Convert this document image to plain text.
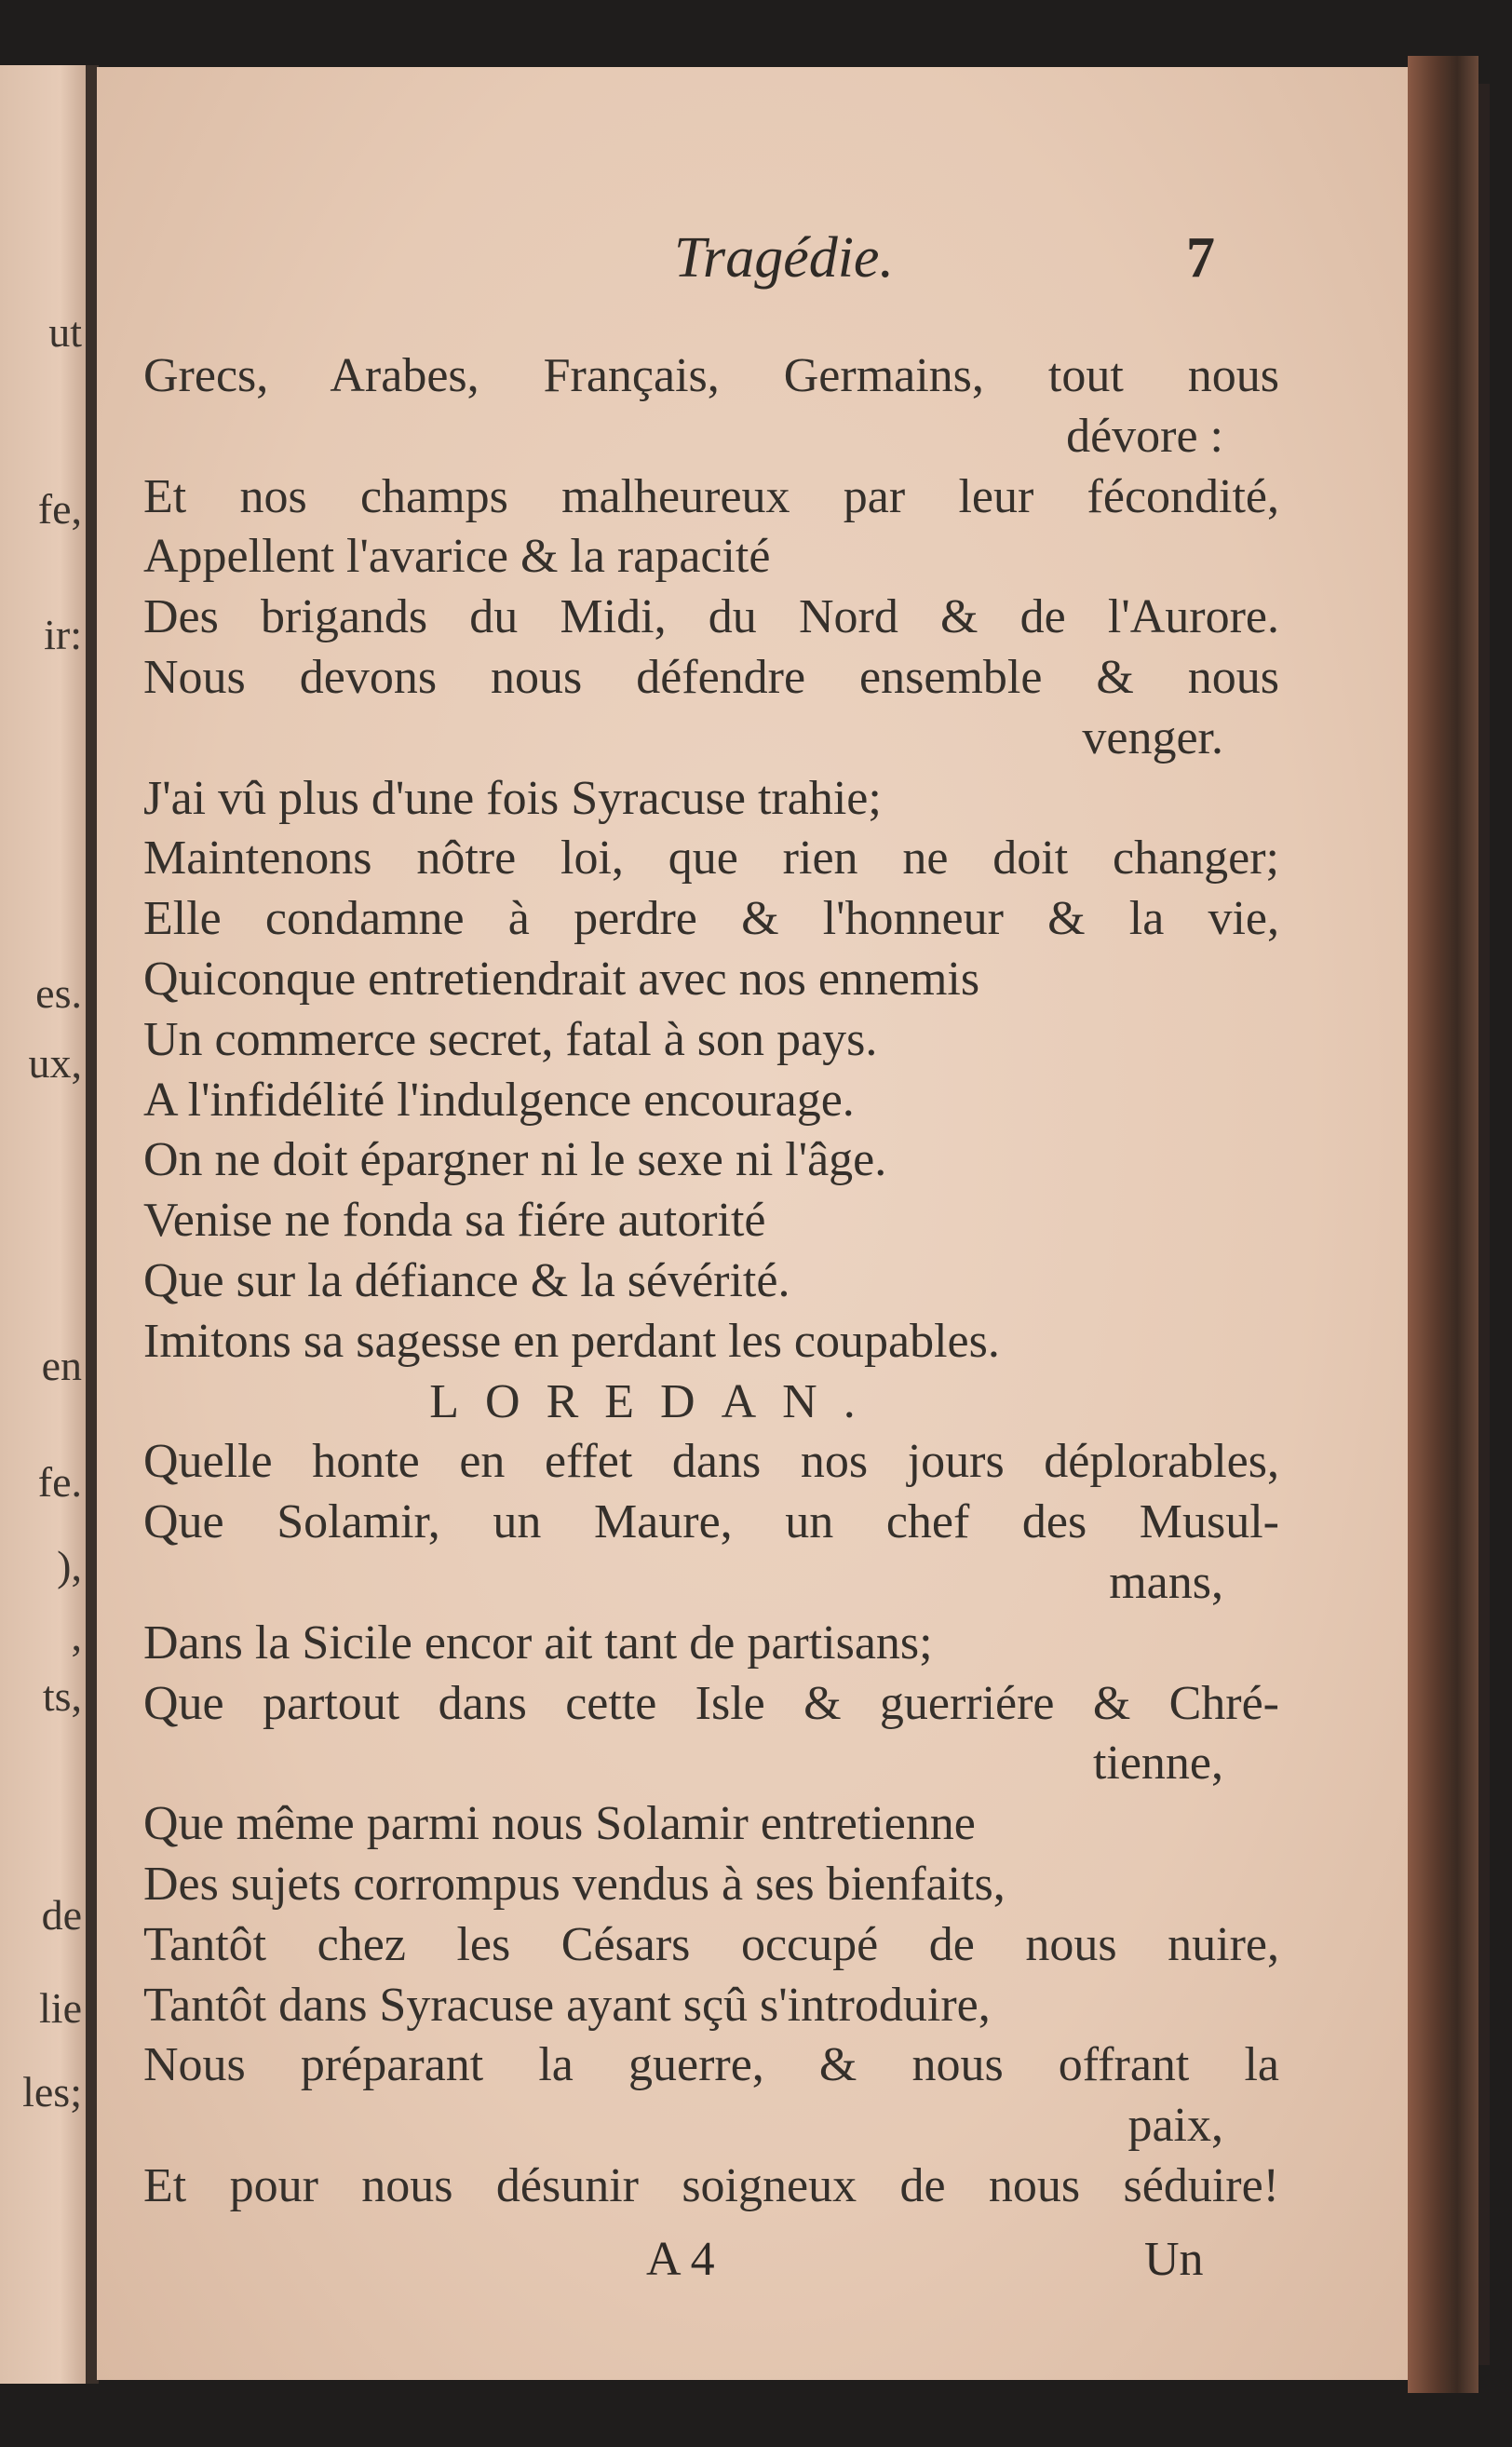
ut
fe,
ir:
es.
ux,
en
fe.
),
,
ts,
de
lie
les;
Tragédie.	7
Grecs, Arabes, Français, Germains, tout nous
dévore :
Et nos champs malheureux par leur fécondité,
Appellent l'avarice & la rapacité
Des brigands du Midi, du Nord & de l'Aurore.
Nous devons nous défendre ensemble & nous
venger.
J'ai vû plus d'une fois Syracuse trahie;
Maintenons nôtre loi, que rien ne doit changer;
Elle condamne à perdre & l'honneur & la vie,
Quiconque entretiendrait avec nos ennemis
Un commerce secret, fatal à son pays.
A l'infidélité l'indulgence encourage.
On ne doit épargner ni le sexe ni l'âge.
Venise ne fonda sa fiére autorité
Que sur la défiance & la sévérité.
Imitons sa sagesse en perdant les coupables.
LOREDAN.
Quelle honte en effet dans nos jours déplorables,
Que Solamir, un Maure, un chef des Musul-
mans,
Dans la Sicile encor ait tant de partisans;
Que partout dans cette Isle & guerriére & Chré-
tienne,
Que même parmi nous Solamir entretienne
Des sujets corrompus vendus à ses bienfaits,
Tantôt chez les Césars occupé de nous nuire,
Tantôt dans Syracuse ayant sçû s'introduire,
Nous préparant la guerre, & nous offrant la
paix,
Et pour nous désunir soigneux de nous séduire!
A 4	Un
